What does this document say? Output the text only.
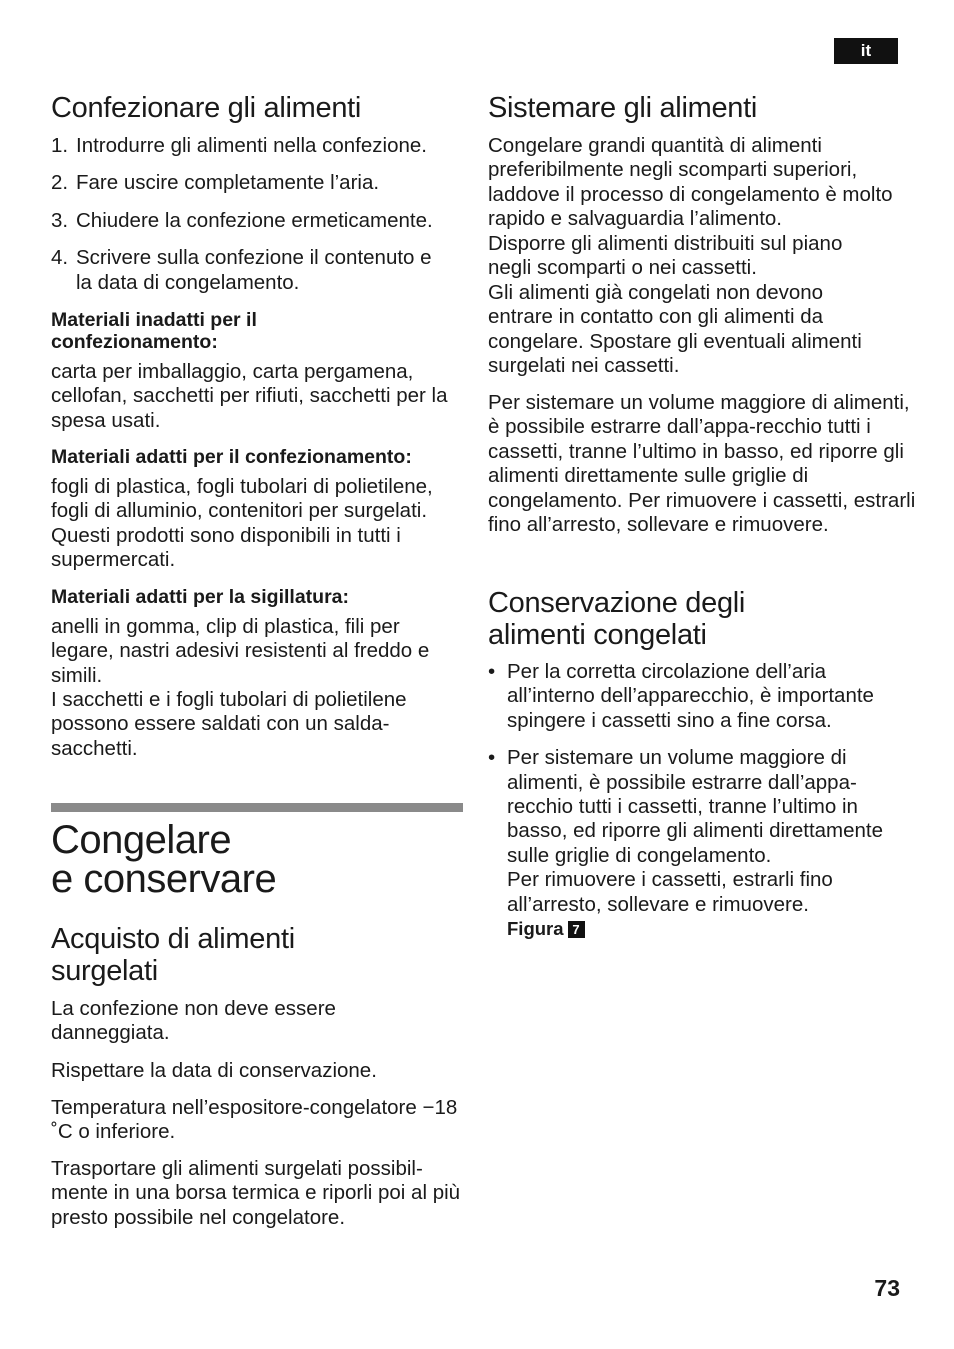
it
Confezionare gli alimenti
1. Introdurre gli alimenti nella confezione.
2. Fare uscire completamente l’aria.
3. Chiudere la confezione ermeticamente.
4. Scrivere sulla confezione il contenuto e la data di congelamento.
Materiali inadatti per il confezionamento:

carta per imballaggio, carta pergamena, cellofan, sacchetti per rifiuti, sacchetti per la spesa usati.

Materiali adatti per il confezionamento:

fogli di plastica, fogli tubolari di polietilene, fogli di alluminio, contenitori per surgelati. Questi prodotti sono disponibili in tutti i supermercati.

Materiali adatti per la sigillatura:

anelli in gomma, clip di plastica, fili per legare, nastri adesivi resistenti al freddo e simili.

I sacchetti e i fogli tubolari di polietilene possono essere saldati con un salda-sacchetti.

Congelare
e conservare
Acquisto di alimenti surgelati

La confezione non deve essere danneggiata.

Rispettare la data di conservazione.

Temperatura nell’espositore-congelatore −18 ˚C o inferiore.

Trasportare gli alimenti surgelati possibil-mente in una borsa termica e riporli poi al più presto possibile nel congelatore.

Sistemare gli alimenti

Congelare grandi quantità di alimenti preferibilmente negli scomparti superiori, laddove il processo di congelamento è molto rapido e salvaguardia l’alimento.

Disporre gli alimenti distribuiti sul piano negli scomparti o nei cassetti.

Gli alimenti già congelati non devono entrare in contatto con gli alimenti da congelare. Spostare gli eventuali alimenti surgelati nei cassetti.

Per sistemare un volume maggiore di alimenti, è possibile estrarre dall’appa-recchio tutti i cassetti, tranne l’ultimo in basso, ed riporre gli alimenti direttamente sulle griglie di congelamento. Per rimuovere i cassetti, estrarli fino all’arresto, sollevare e rimuovere.

Conservazione degli alimenti congelati
• Per la corretta circolazione dell’aria all’interno dell’apparecchio, è importante spingere i cassetti sino a fine corsa.
• Per sistemare un volume maggiore di alimenti, è possibile estrarre dall’appa-recchio tutti i cassetti, tranne l’ultimo in basso, ed riporre gli alimenti direttamente sulle griglie di congelamento.
Per rimuovere i cassetti, estrarli fino all’arresto, sollevare e rimuovere.
Figura 7
73
